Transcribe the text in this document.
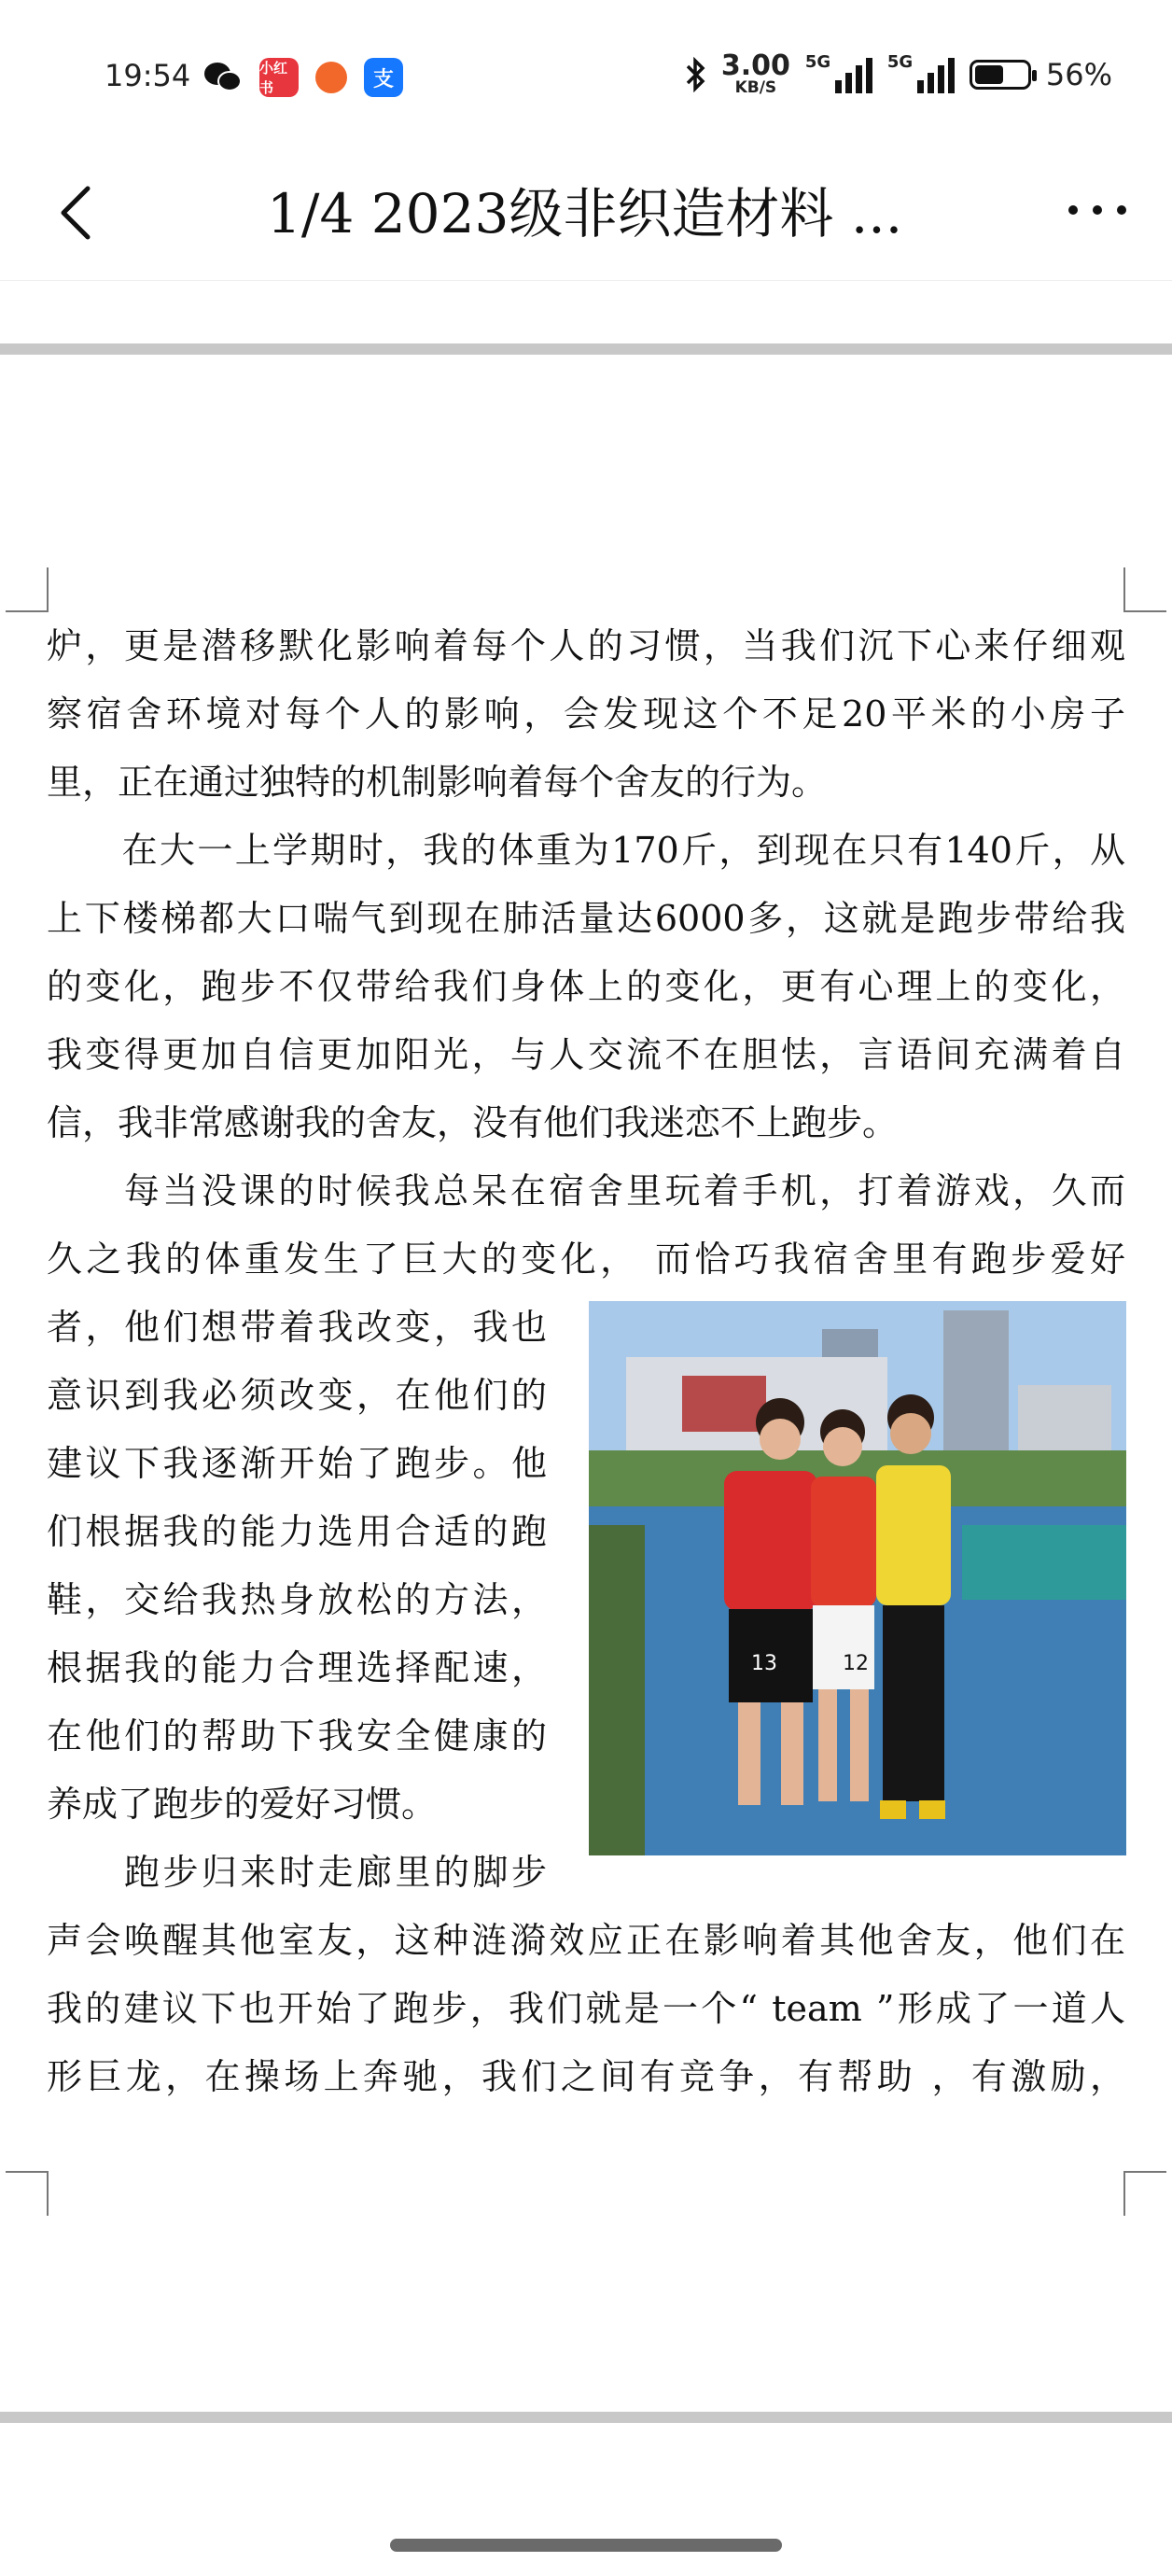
19:54	小红书	支	3.00
KB/S
5G	5G	56%
1/4 2023级非织造材料 ...
炉，更是潜移默化影响着每个人的习惯，当我们沉下心来仔细观
察宿舍环境对每个人的影响，会发现这个不足20平米的小房子
里，正在通过独特的机制影响着每个舍友的行为。
　　在大一上学期时，我的体重为170斤，到现在只有140斤，从
上下楼梯都大口喘气到现在肺活量达6000多，这就是跑步带给我
的变化，跑步不仅带给我们身体上的变化，更有心理上的变化，
我变得更加自信更加阳光，与人交流不在胆怯，言语间充满着自
信，我非常感谢我的舍友，没有他们我迷恋不上跑步。
　　每当没课的时候我总呆在宿舍里玩着手机，打着游戏，久而
久之我的体重发生了巨大的变化， 而恰巧我宿舍里有跑步爱好
者，他们想带着我改变，我也
意识到我必须改变，在他们的
建议下我逐渐开始了跑步。他
们根据我的能力选用合适的跑
鞋，交给我热身放松的方法，
根据我的能力合理选择配速，
在他们的帮助下我安全健康的
养成了跑步的爱好习惯。
　　跑步归来时走廊里的脚步
13	12
声会唤醒其他室友，这种涟漪效应正在影响着其他舍友，他们在
我的建议下也开始了跑步，我们就是一个“ team ”形成了一道人
形巨龙，在操场上奔驰，我们之间有竞争，有帮助 ，有激励，
